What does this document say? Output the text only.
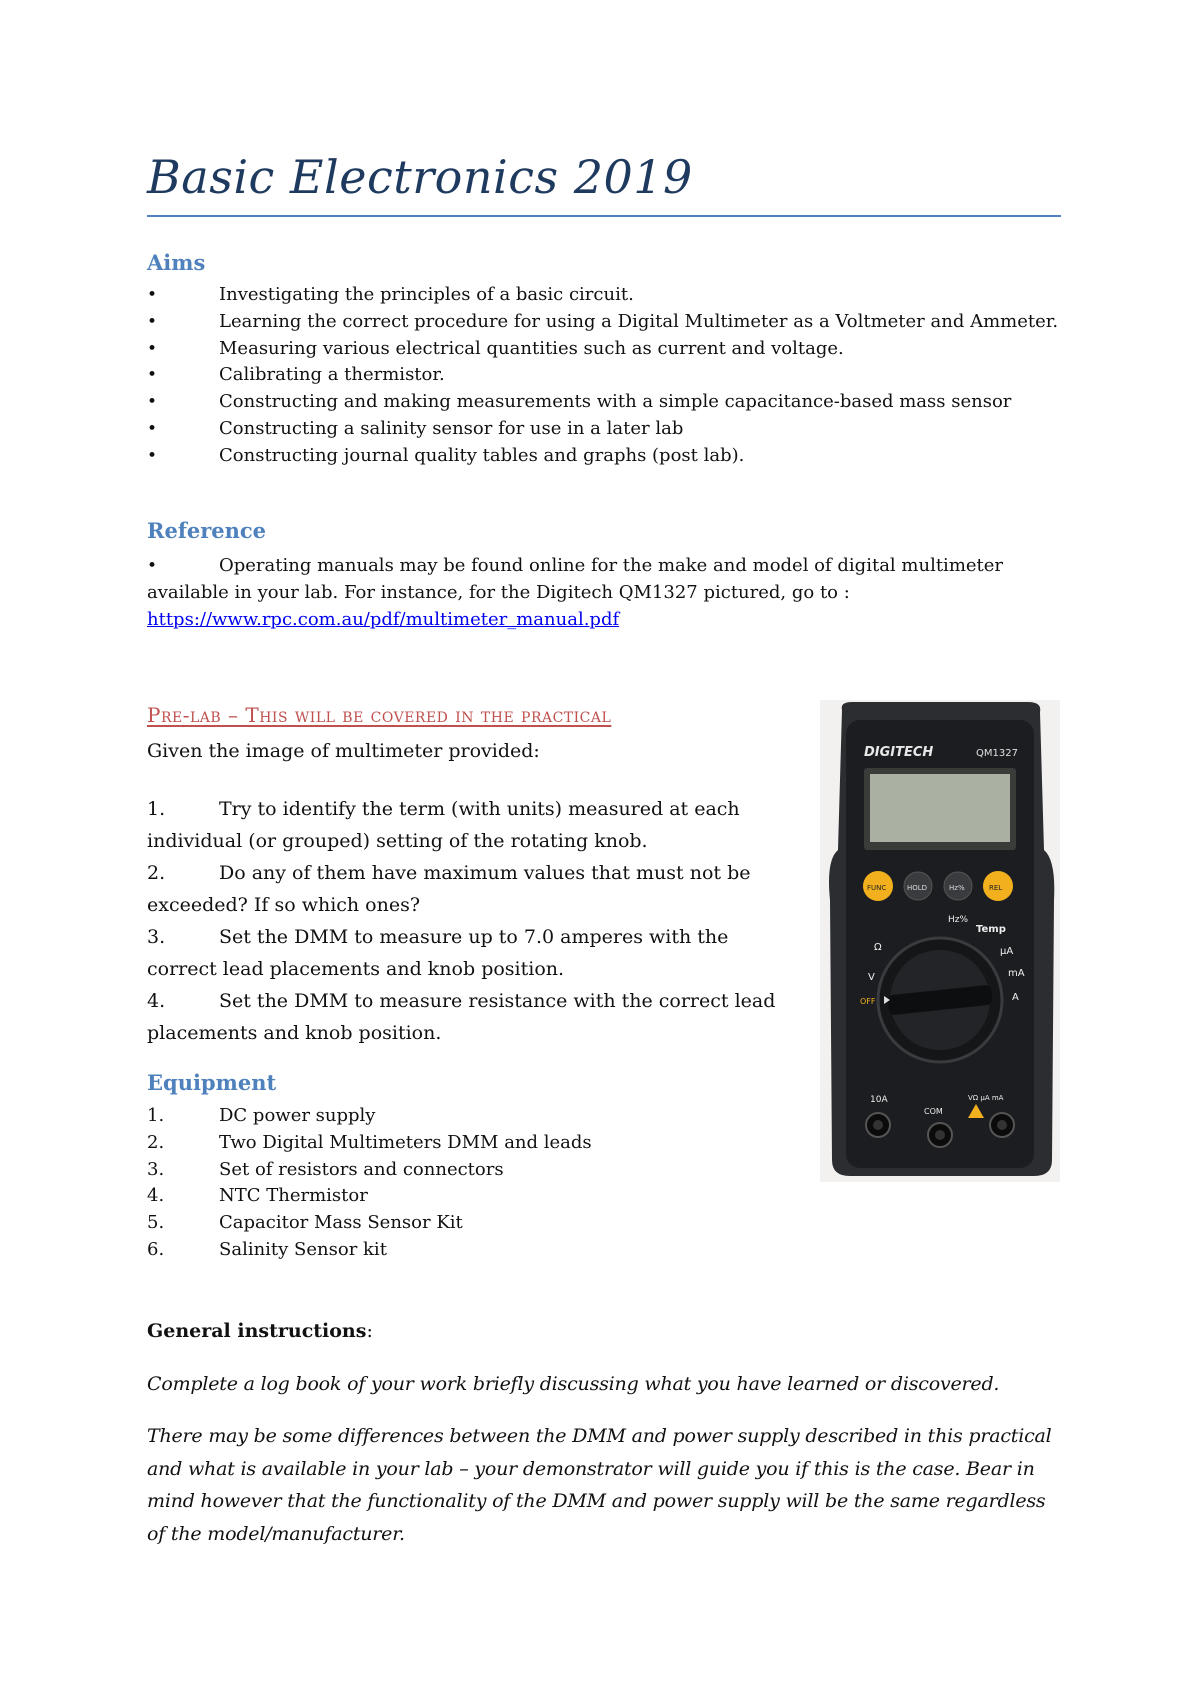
Basic Electronics 2019
Aims
•	Investigating the principles of a basic circuit.
•	Learning the correct procedure for using a Digital Multimeter as a Voltmeter and Ammeter.
•	Measuring various electrical quantities such as current and voltage.
•	Calibrating a thermistor.
•	Constructing and making measurements with a simple capacitance-based mass sensor
•	Constructing a salinity sensor for use in a later lab
•	Constructing journal quality tables and graphs (post lab).
Reference
•	Operating manuals may be found online for the make and model of digital multimeter
available in your lab. For instance, for the Digitech QM1327 pictured, go to :
https://www.rpc.com.au/pdf/multimeter_manual.pdf
Pre-lab – This will be covered in the practical
Given the image of multimeter provided:
1.	Try to identify the term (with units) measured at each individual (or grouped) setting of the rotating knob.
2.	Do any of them have maximum values that must not be exceeded? If so which ones?
3.	Set the DMM to measure up to 7.0 amperes with the correct lead placements and knob position.
4.	Set the DMM to measure resistance with the correct lead placements and knob position.
Equipment
1.	DC power supply
2.	Two Digital Multimeters DMM and leads
3.	Set of resistors and connectors
4.	NTC Thermistor
5.	Capacitor Mass Sensor Kit
6.	Salinity Sensor kit
General instructions:
Complete a log book of your work briefly discussing what you have learned or discovered.
There may be some differences between the DMM and power supply described in this practical and what is available in your lab – your demonstrator will guide you if this is the case. Bear in mind however that the functionality of the DMM and power supply will be the same regardless of the model/manufacturer.
DIGITECH	QM1327
FUNC	HOLD	Hz%	REL
Hz%
Temp
µA
mA
A
V
Ω
OFF
10A
COM
VΩ µA mA
